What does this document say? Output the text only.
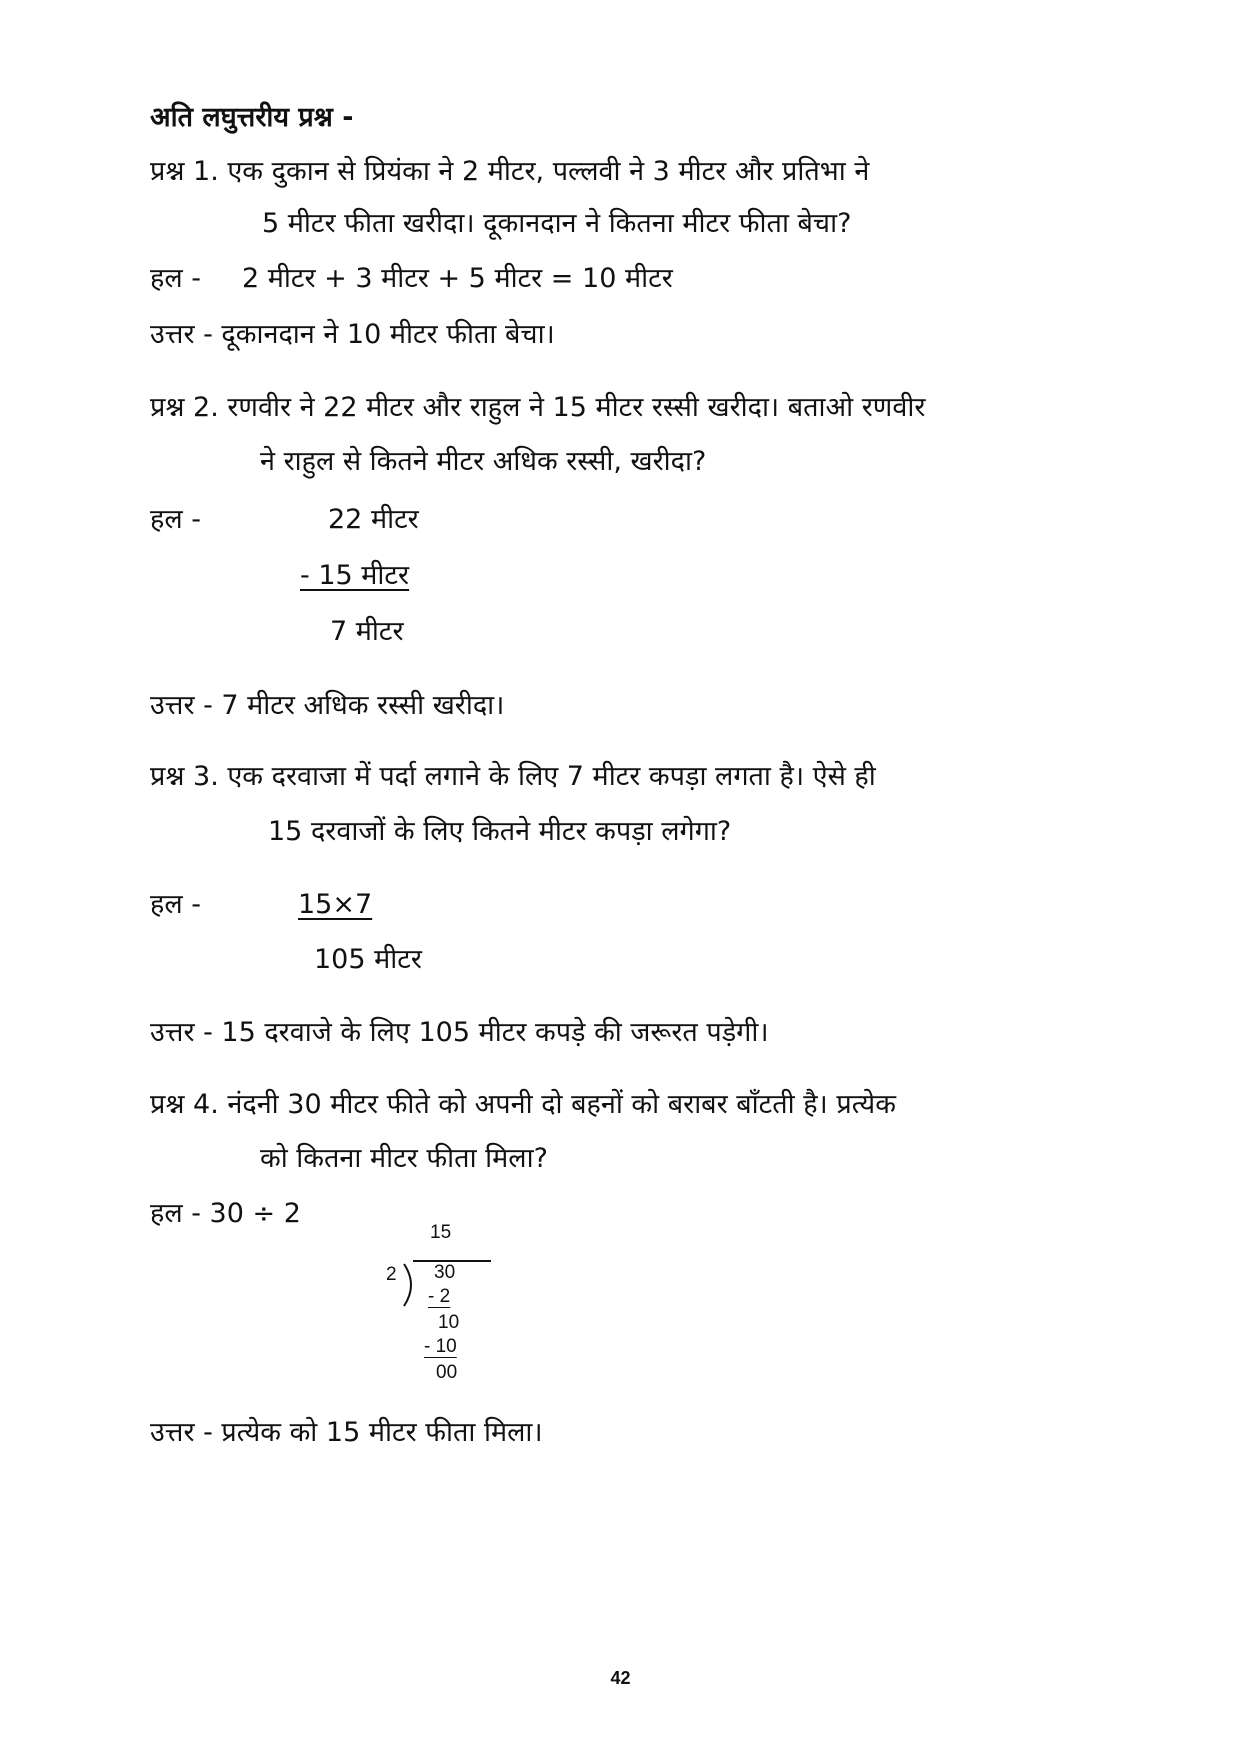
अति लघुत्तरीय प्रश्न -
प्रश्न 1. एक दुकान से प्रियंका ने 2 मीटर, पल्लवी ने 3 मीटर और प्रतिभा ने
5 मीटर फीता खरीदा। दूकानदान ने कितना मीटर फीता बेचा?
हल - 2 मीटर + 3 मीटर + 5 मीटर = 10 मीटर
उत्तर - दूकानदान ने 10 मीटर फीता बेचा।
प्रश्न 2. रणवीर ने 22 मीटर और राहुल ने 15 मीटर रस्सी खरीदा। बताओ रणवीर
ने राहुल से कितने मीटर अधिक रस्सी, खरीदा?
हल -	22 मीटर
- 15 मीटर
7 मीटर
उत्तर - 7 मीटर अधिक रस्सी खरीदा।
प्रश्न 3. एक दरवाजा में पर्दा लगाने के लिए 7 मीटर कपड़ा लगता है। ऐसे ही
15 दरवाजों के लिए कितने मीटर कपड़ा लगेगा?
हल -	15×7
105 मीटर
उत्तर - 15 दरवाजे के लिए 105 मीटर कपड़े की जरूरत पड़ेगी।
प्रश्न 4. नंदनी 30 मीटर फीते को अपनी दो बहनों को बराबर बाँटती है। प्रत्येक
को कितना मीटर फीता मिला?
हल - 30 ÷ 2
15
2 30
- 2
10
- 10
00
उत्तर - प्रत्येक को 15 मीटर फीता मिला।
42
